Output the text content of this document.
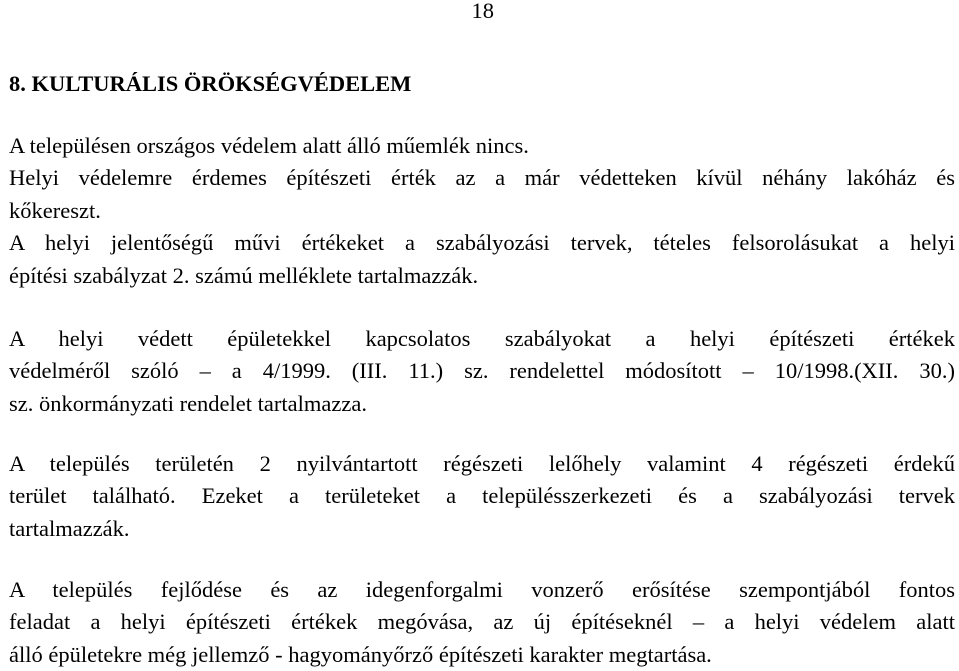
18
8. KULTURÁLIS ÖRÖKSÉGVÉDELEM
A településen országos védelem alatt álló műemlék nincs.
Helyi védelemre érdemes építészeti érték az a már védetteken kívül néhány lakóház és
kőkereszt.
A helyi jelentőségű művi értékeket a szabályozási tervek, tételes felsorolásukat a helyi
építési szabályzat 2. számú melléklete tartalmazzák.
A helyi védett épületekkel kapcsolatos szabályokat a helyi építészeti értékek
védelméről szóló – a 4/1999. (III. 11.) sz. rendelettel módosított – 10/1998.(XII. 30.)
sz. önkormányzati rendelet tartalmazza.
A település területén 2 nyilvántartott régészeti lelőhely valamint 4 régészeti érdekű
terület található. Ezeket a területeket a településszerkezeti és a szabályozási tervek
tartalmazzák.
A település fejlődése és az idegenforgalmi vonzerő erősítése szempontjából fontos
feladat a helyi építészeti értékek megóvása, az új építéseknél – a helyi védelem alatt
álló épületekre még jellemző - hagyományőrző építészeti karakter megtartása.
